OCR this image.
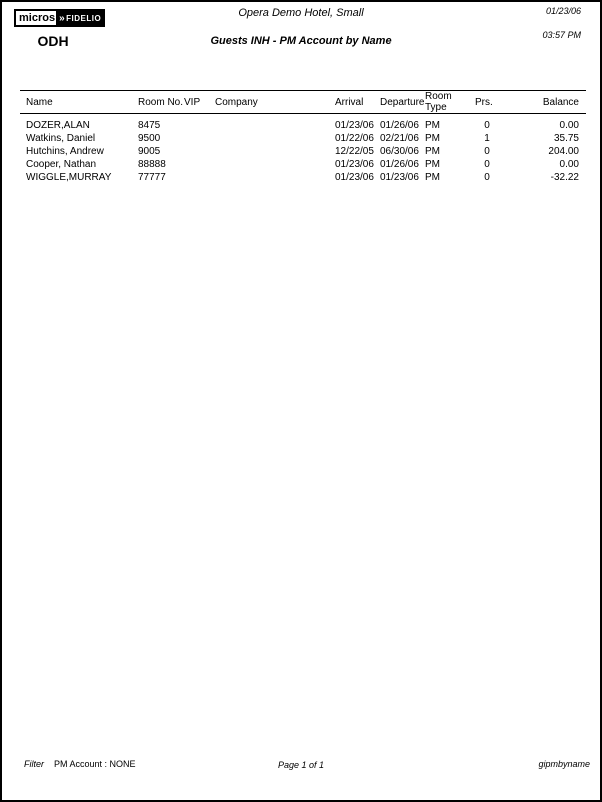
micros » FIDELIO
ODH
Opera Demo Hotel, Small
Guests INH - PM Account by Name
01/23/06
03:57 PM
Name	Room No.	VIP	Company	Arrival	Departure	Room Type	Prs.	Balance
DOZER,ALAN	8475			01/23/06	01/26/06	PM	0	0.00
Watkins, Daniel	9500			01/22/06	02/21/06	PM	1	35.75
Hutchins, Andrew	9005			12/22/05	06/30/06	PM	0	204.00
Cooper, Nathan	88888			01/23/06	01/26/06	PM	0	0.00
WIGGLE,MURRAY	77777			01/23/06	01/23/06	PM	0	-32.22
Filter PM Account : NONE	Page 1 of 1	gipmbyname
